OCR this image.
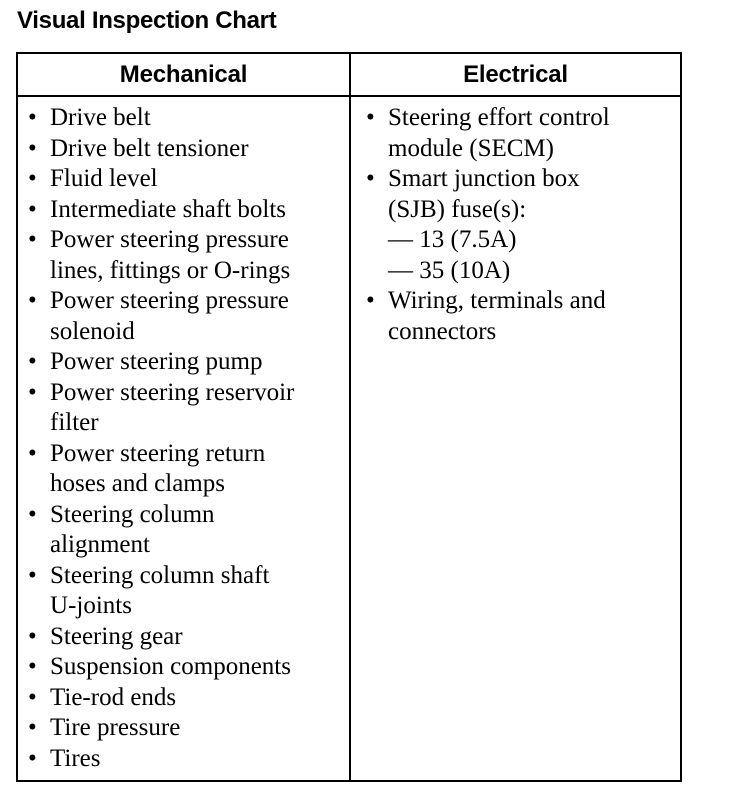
Visual Inspection Chart
Mechanical	Electrical
• Drive belt
• Drive belt tensioner
• Fluid level
• Intermediate shaft bolts
• Power steering pressure
lines, fittings or O-rings
• Power steering pressure
solenoid
• Power steering pump
• Power steering reservoir
filter
• Power steering return
hoses and clamps
• Steering column
alignment
• Steering column shaft
U-joints
• Steering gear
• Suspension components
• Tie-rod ends
• Tire pressure
• Tires
• Steering effort control
module (SECM)
• Smart junction box
(SJB) fuse(s):
— 13 (7.5A)
— 35 (10A)
• Wiring, terminals and
connectors
